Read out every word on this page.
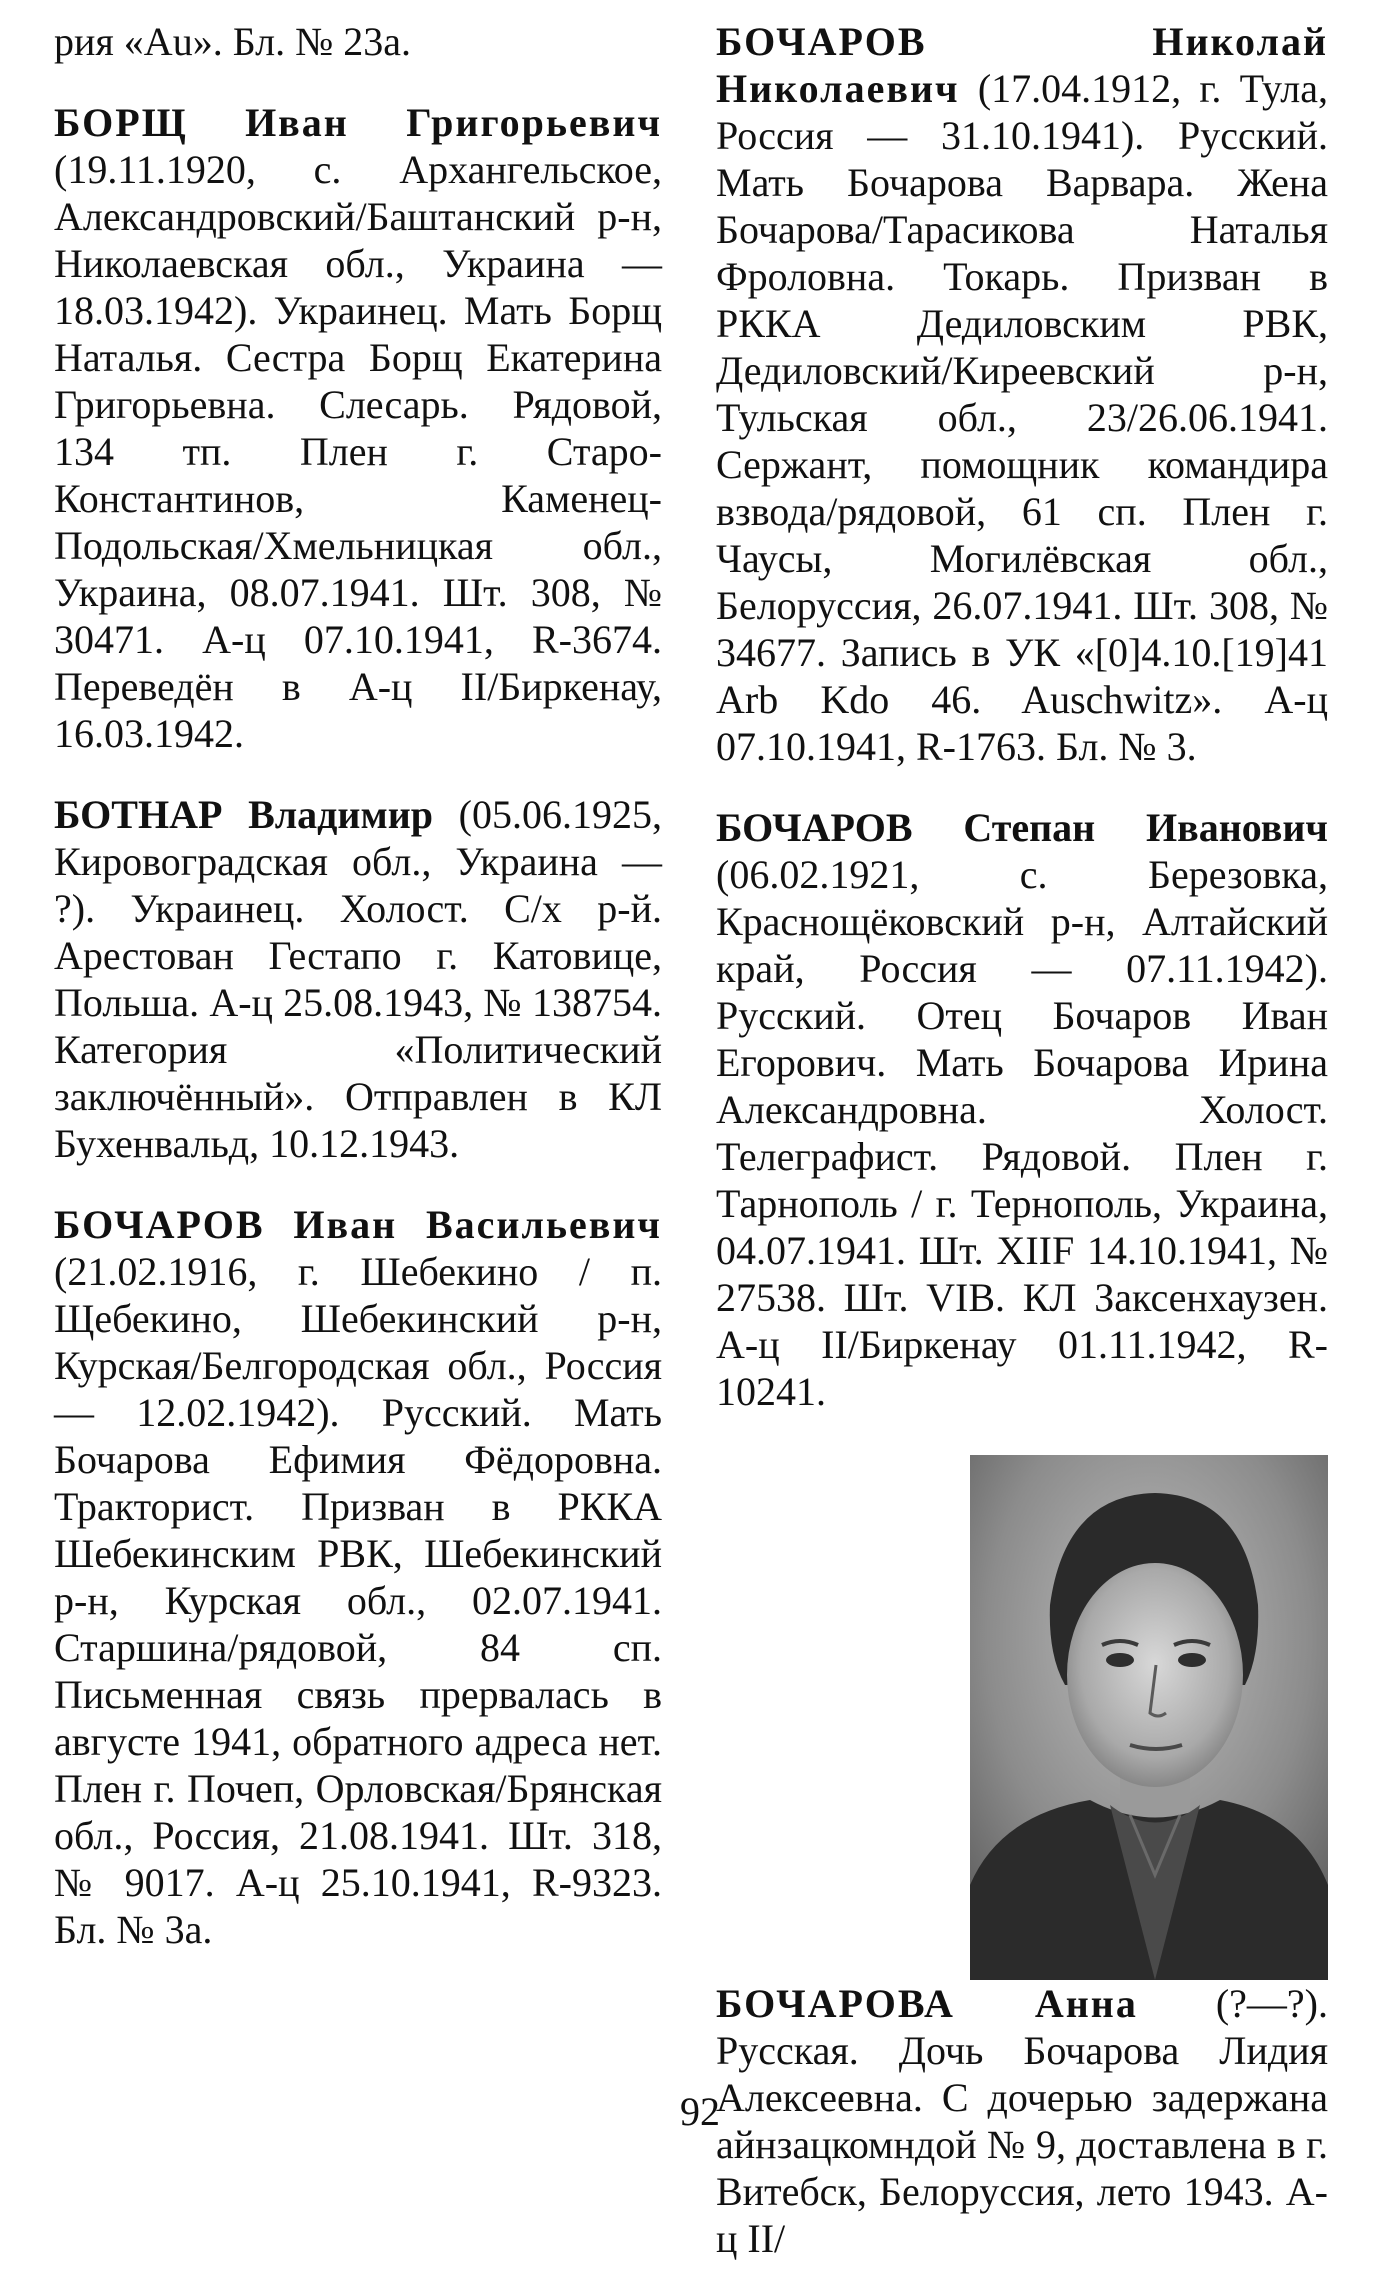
рия «Au». Бл. № 23а.

БОРЩ Иван Григорьевич (19.11.1920, с. Архангельское, Александровский/Баштанский р-н, Николаевская обл., Украина — 18.03.1942). Украинец. Мать Борщ Наталья. Сестра Борщ Екатерина Григорьевна. Слесарь. Рядовой, 134 тп. Плен г. Старо-Константинов, Каменец-Подольская/Хмельницкая обл., Украина, 08.07.1941. Шт. 308, № 30471. А-ц 07.10.1941, R-3674. Переведён в А-ц II/Биркенау, 16.03.1942.

БОТНАР Владимир (05.06.1925, Кировоградская обл., Украина — ?). Украинец. Холост. С/х р-й. Арестован Гестапо г. Катовице, Польша. А-ц 25.08.1943, № 138754. Категория «Политический заключённый». Отправлен в КЛ Бухенвальд, 10.12.1943.

БОЧАРОВ Иван Васильевич (21.02.1916, г. Шебекино / п. Щебекино, Шебекинский р-н, Курская/Белгородская обл., Россия — 12.02.1942). Русский. Мать Бочарова Ефимия Фёдоровна. Тракторист. Призван в РККА Шебекинским РВК, Шебекинский р-н, Курская обл., 02.07.1941. Старшина/рядовой, 84 сп. Письменная связь прервалась в августе 1941, обратного адреса нет. Плен г. Почеп, Орловская/Брянская обл., Россия, 21.08.1941. Шт. 318, № 9017. А-ц 25.10.1941, R-9323. Бл. № 3а.

БОЧАРОВ Николай Николаевич (17.04.1912, г. Тула, Россия — 31.10.1941). Русский. Мать Бочарова Варвара. Жена Бочарова/Тарасикова Наталья Фроловна. Токарь. Призван в РККА Дедиловским РВК, Дедиловский/Киреевский р-н, Тульская обл., 23/26.06.1941. Сержант, помощник командира взвода/рядовой, 61 сп. Плен г. Чаусы, Могилёвская обл., Белоруссия, 26.07.1941. Шт. 308, № 34677. Запись в УК «[0]4.10.[19]41 Arb Kdo 46. Auschwitz». А-ц 07.10.1941, R-1763. Бл. № 3.

БОЧАРОВ Степан Иванович (06.02.1921, с. Березовка, Краснощёковский р-н, Алтайский край, Россия — 07.11.1942). Русский. Отец Бочаров Иван Егорович. Мать Бочарова Ирина Александровна. Холост. Телеграфист. Рядовой. Плен г. Тарнополь / г. Тернополь, Украина, 04.07.1941. Шт. XIIF 14.10.1941, № 27538. Шт. VIB. КЛ Заксенхаузен. А-ц II/Биркенау 01.11.1942, R-10241.

БОЧАРОВА Анна (?—?). Русская. Дочь Бочарова Лидия Алексеевна. С дочерью задержана айнзацкомндой № 9, доставлена в г. Витебск, Белоруссия, лето 1943. А-ц II/

92
